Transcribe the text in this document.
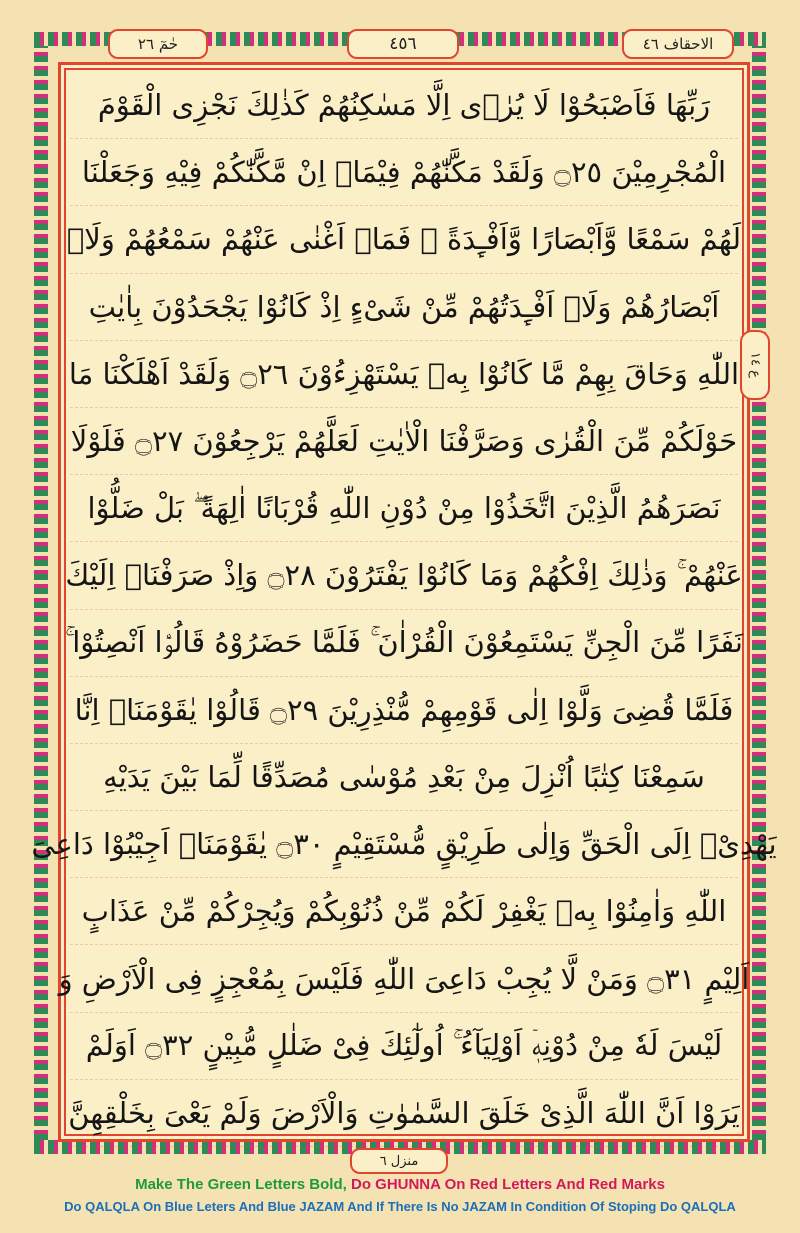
حٰمٓ ٢٦	٤٥٦	الاحقاف ٤٦
رَبِّهَا فَاَصْبَحُوْا لَا يُرٰۤى اِلَّا مَسٰكِنُهُمْ كَذٰلِكَ نَجْزِى الْقَوْمَ
الْمُجْرِمِيْنَ ۝٢٥ وَلَقَدْ مَكَّنّٰهُمْ فِيْمَاۤ اِنْ مَّكَّنّٰكُمْ فِيْهِ وَجَعَلْنَا
لَهُمْ سَمْعًا وَّاَبْصَارًا وَّاَفْـِٕدَةً ۖ فَمَاۤ اَغْنٰى عَنْهُمْ سَمْعُهُمْ وَلَاۤ
اَبْصَارُهُمْ وَلَاۤ اَفْـِٕدَتُهُمْ مِّنْ شَىْءٍ اِذْ كَانُوْا يَجْحَدُوْنَ بِاٰيٰتِ
اللّٰهِ وَحَاقَ بِهِمْ مَّا كَانُوْا بِهٖ يَسْتَهْزِءُوْنَ ۝٢٦ وَلَقَدْ اَهْلَكْنَا مَا
حَوْلَكُمْ مِّنَ الْقُرٰى وَصَرَّفْنَا الْاٰيٰتِ لَعَلَّهُمْ يَرْجِعُوْنَ ۝٢٧ فَلَوْلَا
نَصَرَهُمُ الَّذِيْنَ اتَّخَذُوْا مِنْ دُوْنِ اللّٰهِ قُرْبَانًا اٰلِهَةً ۖ بَلْ ضَلُّوْا
عَنْهُمْ ۚ وَذٰلِكَ اِفْكُهُمْ وَمَا كَانُوْا يَفْتَرُوْنَ ۝٢٨ وَاِذْ صَرَفْنَاۤ اِلَيْكَ
نَفَرًا مِّنَ الْجِنِّ يَسْتَمِعُوْنَ الْقُرْاٰنَ ۚ فَلَمَّا حَضَرُوْهُ قَالُوْۤا اَنْصِتُوْا ۚ
فَلَمَّا قُضِىَ وَلَّوْا اِلٰى قَوْمِهِمْ مُّنْذِرِيْنَ ۝٢٩ قَالُوْا يٰقَوْمَنَاۤ اِنَّا
سَمِعْنَا كِتٰبًا اُنْزِلَ مِنْ بَعْدِ مُوْسٰى مُصَدِّقًا لِّمَا بَيْنَ يَدَيْهِ
يَهْدِىْۤ اِلَى الْحَقِّ وَاِلٰى طَرِيْقٍ مُّسْتَقِيْمٍ ۝٣٠ يٰقَوْمَنَاۤ اَجِيْبُوْا دَاعِىَ
اللّٰهِ وَاٰمِنُوْا بِهٖ يَغْفِرْ لَكُمْ مِّنْ ذُنُوْبِكُمْ وَيُجِرْكُمْ مِّنْ عَذَابٍ
اَلِيْمٍ ۝٣١ وَمَنْ لَّا يُجِبْ دَاعِىَ اللّٰهِ فَلَيْسَ بِمُعْجِزٍ فِى الْاَرْضِ وَ
لَيْسَ لَهٗ مِنْ دُوْنِهٖۤ اَوْلِيَآءُ ۚ اُولٰٓئِكَ فِىْ ضَلٰلٍ مُّبِيْنٍ ۝٣٢ اَوَلَمْ
يَرَوْا اَنَّ اللّٰهَ الَّذِىْ خَلَقَ السَّمٰوٰتِ وَالْاَرْضَ وَلَمْ يَعْىَ بِخَلْقِهِنَّ
ع ١٤
منزل ٦
Make The Green Letters Bold, Do GHUNNA On Red Letters And Red Marks
Do QALQLA On Blue Leters And Blue JAZAM And If There Is No JAZAM In Condition Of Stoping Do QALQLA
